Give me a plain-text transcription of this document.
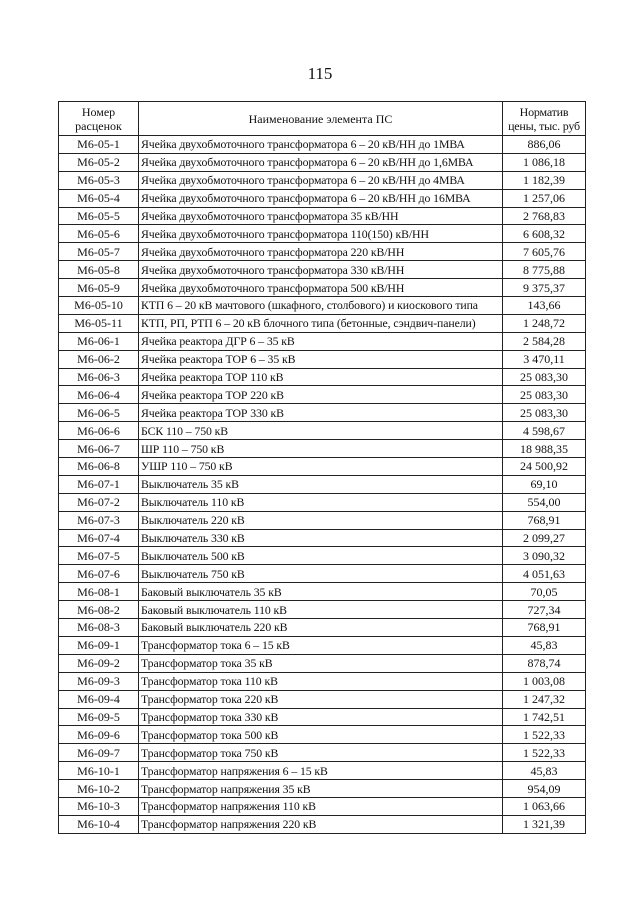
115
Номер расценок	Наименование элемента ПС	Норматив цены, тыс. руб
М6-05-1	Ячейка двухобмоточного трансформатора 6 – 20 кВ/НН до 1МВА	886,06
М6-05-2	Ячейка двухобмоточного трансформатора 6 – 20 кВ/НН до 1,6МВА	1 086,18
М6-05-3	Ячейка двухобмоточного трансформатора 6 – 20 кВ/НН до 4МВА	1 182,39
М6-05-4	Ячейка двухобмоточного трансформатора 6 – 20 кВ/НН до 16МВА	1 257,06
М6-05-5	Ячейка двухобмоточного трансформатора 35 кВ/НН	2 768,83
М6-05-6	Ячейка двухобмоточного трансформатора 110(150) кВ/НН	6 608,32
М6-05-7	Ячейка двухобмоточного трансформатора 220 кВ/НН	7 605,76
М6-05-8	Ячейка двухобмоточного трансформатора 330 кВ/НН	8 775,88
М6-05-9	Ячейка двухобмоточного трансформатора 500 кВ/НН	9 375,37
М6-05-10	КТП 6 – 20 кВ мачтового (шкафного, столбового) и киоскового типа	143,66
М6-05-11	КТП, РП, РТП 6 – 20 кВ блочного типа (бетонные, сэндвич-панели)	1 248,72
М6-06-1	Ячейка реактора ДГР 6 – 35 кВ	2 584,28
М6-06-2	Ячейка реактора ТОР 6 – 35 кВ	3 470,11
М6-06-3	Ячейка реактора ТОР 110 кВ	25 083,30
М6-06-4	Ячейка реактора ТОР 220 кВ	25 083,30
М6-06-5	Ячейка реактора ТОР 330 кВ	25 083,30
М6-06-6	БСК 110 – 750 кВ	4 598,67
М6-06-7	ШР 110 – 750 кВ	18 988,35
М6-06-8	УШР 110 – 750 кВ	24 500,92
М6-07-1	Выключатель 35 кВ	69,10
М6-07-2	Выключатель 110 кВ	554,00
М6-07-3	Выключатель 220 кВ	768,91
М6-07-4	Выключатель 330 кВ	2 099,27
М6-07-5	Выключатель 500 кВ	3 090,32
М6-07-6	Выключатель 750 кВ	4 051,63
М6-08-1	Баковый выключатель 35 кВ	70,05
М6-08-2	Баковый выключатель 110 кВ	727,34
М6-08-3	Баковый выключатель 220 кВ	768,91
М6-09-1	Трансформатор тока 6 – 15 кВ	45,83
М6-09-2	Трансформатор тока 35 кВ	878,74
М6-09-3	Трансформатор тока 110 кВ	1 003,08
М6-09-4	Трансформатор тока 220 кВ	1 247,32
М6-09-5	Трансформатор тока 330 кВ	1 742,51
М6-09-6	Трансформатор тока 500 кВ	1 522,33
М6-09-7	Трансформатор тока 750 кВ	1 522,33
М6-10-1	Трансформатор напряжения 6 – 15 кВ	45,83
М6-10-2	Трансформатор напряжения 35 кВ	954,09
М6-10-3	Трансформатор напряжения 110 кВ	1 063,66
М6-10-4	Трансформатор напряжения 220 кВ	1 321,39
